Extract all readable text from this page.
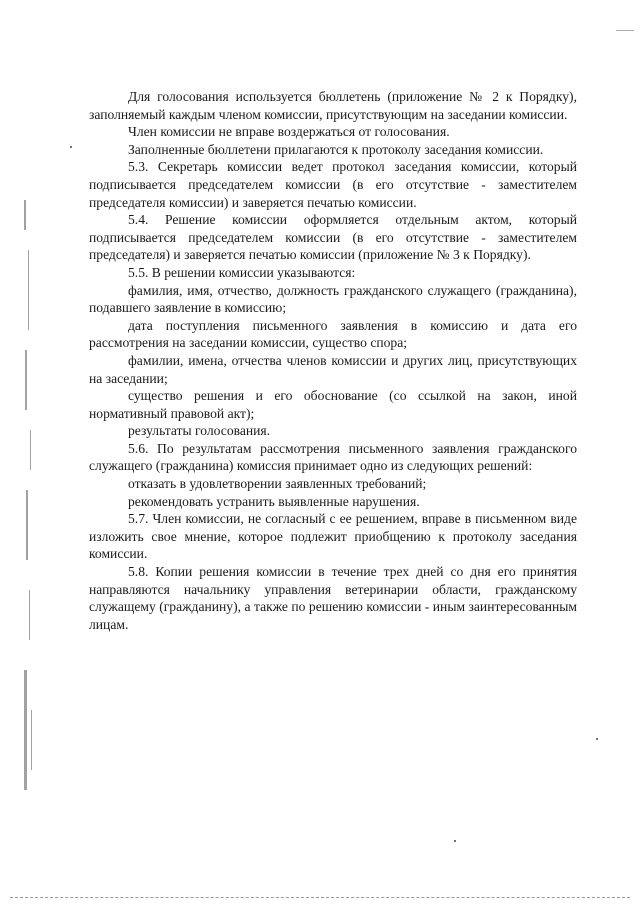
Для голосования используется бюллетень (приложение № 2 к Порядку), заполняемый каждым членом комиссии, присутствующим на заседании комиссии.

Член комиссии не вправе воздержаться от голосования.

Заполненные бюллетени прилагаются к протоколу заседания комиссии.

5.3. Секретарь комиссии ведет протокол заседания комиссии, который подписывается председателем комиссии (в его отсутствие - заместителем председателя комиссии) и заверяется печатью комиссии.

5.4. Решение комиссии оформляется отдельным актом, который подписывается председателем комиссии (в его отсутствие - заместителем председателя) и заверяется печатью комиссии (приложение № 3 к Порядку).

5.5. В решении комиссии указываются:

фамилия, имя, отчество, должность гражданского служащего (гражданина), подавшего заявление в комиссию;

дата поступления письменного заявления в комиссию и дата его рассмотрения на заседании комиссии, существо спора;

фамилии, имена, отчества членов комиссии и других лиц, присутствующих на заседании;

существо решения и его обоснование (со ссылкой на закон, иной нормативный правовой акт);

результаты голосования.

5.6. По результатам рассмотрения письменного заявления гражданского служащего (гражданина) комиссия принимает одно из следующих решений:

отказать в удовлетворении заявленных требований;

рекомендовать устранить выявленные нарушения.

5.7. Член комиссии, не согласный с ее решением, вправе в письменном виде изложить свое мнение, которое подлежит приобщению к протоколу заседания комиссии.

5.8. Копии решения комиссии в течение трех дней со дня его принятия направляются начальнику управления ветеринарии области, гражданскому служащему (гражданину), а также по решению комиссии - иным заинтересованным лицам.
